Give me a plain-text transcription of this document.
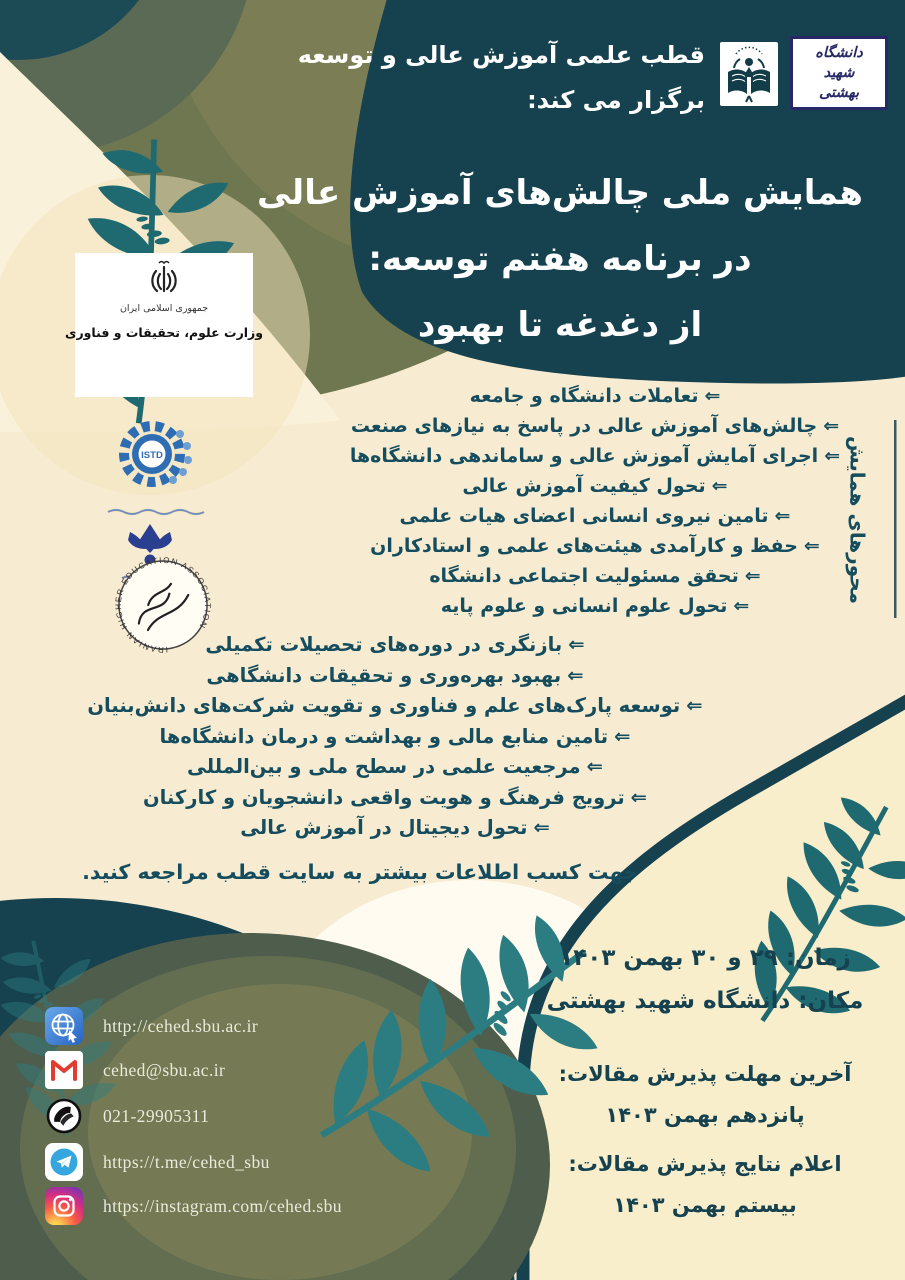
قطب علمی آموزش عالی و توسعه
برگزار می کند:
دانشگاه
شهید
بهشتی
همایش ملی چالش‌های آموزش عالی
در برنامه هفتم توسعه:
از دغدغه تا بهبود
جمهوری اسلامی ایران
وزارت علوم، تحقیقات و فناوری
ISTD
IRANIAN HIGHER EDUCATION ASSOCIATION
⇐تعاملات دانشگاه و جامعه
⇐چالش‌های آموزش عالی در پاسخ به نیازهای صنعت
⇐اجرای آمایش آموزش عالی و ساماندهی دانشگاه‌ها
⇐تحول کیفیت آموزش عالی
⇐تامین نیروی انسانی اعضای هیات علمی
⇐حفظ و کارآمدی هیئت‌های علمی و استادکاران
⇐تحقق مسئولیت اجتماعی دانشگاه
⇐تحول علوم انسانی و علوم پایه
محورهای همایش
⇐بازنگری در دوره‌های تحصیلات تکمیلی
⇐بهبود بهره‌وری و تحقیقات دانشگاهی
⇐توسعه پارک‌های علم و فناوری و تقویت شرکت‌های دانش‌بنیان
⇐تامین منابع مالی و بهداشت و درمان دانشگاه‌ها
⇐مرجعیت علمی در سطح ملی و بین‌المللی
⇐ترویج فرهنگ و هویت واقعی دانشجویان و کارکنان
⇐تحول دیجیتال در آموزش عالی
جهت کسب اطلاعات بیشتر به سایت قطب مراجعه کنید.
زمان: ۲۹ و ۳۰ بهمن ۱۴۰۳
مکان: دانشگاه شهید بهشتی
آخرین مهلت پذیرش مقالات:
پانزدهم بهمن ۱۴۰۳
اعلام نتایج پذیرش مقالات:
بیستم بهمن ۱۴۰۳
http://cehed.sbu.ac.ir
cehed@sbu.ac.ir
021-29905311
https://t.me/cehed_sbu
https://instagram.com/cehed.sbu
